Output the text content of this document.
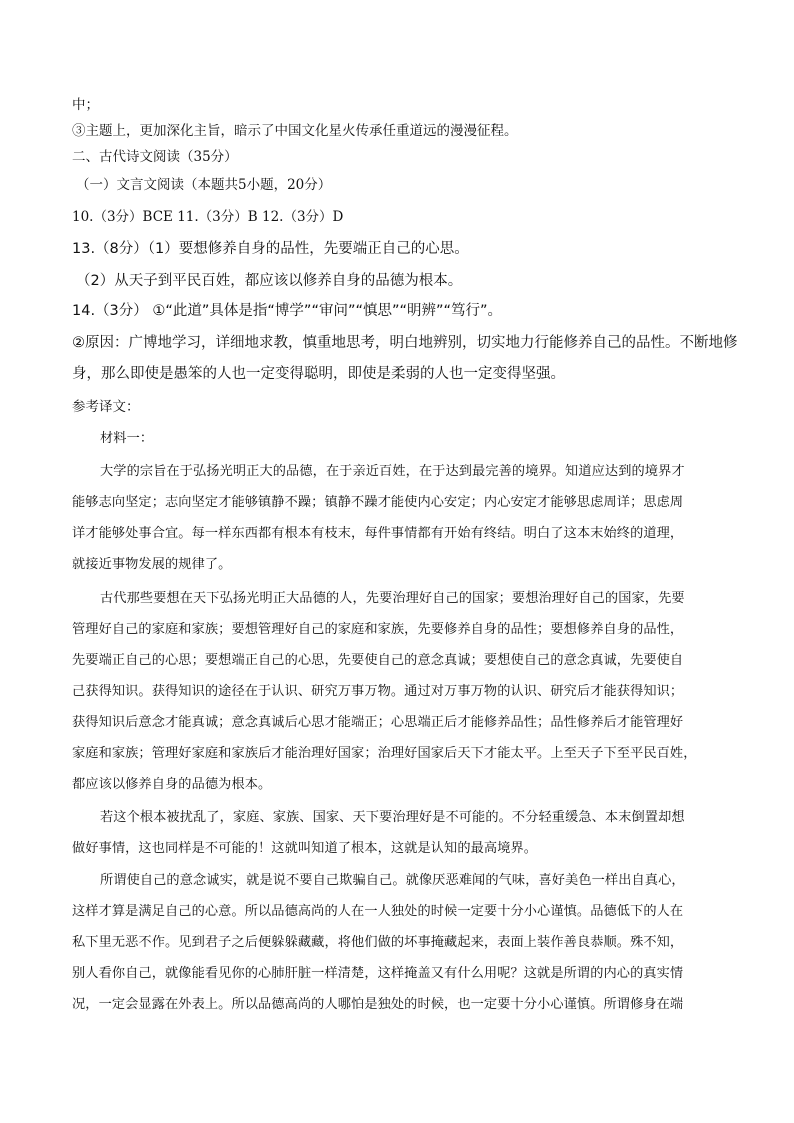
中；
③主题上，更加深化主旨，暗示了中国文化星火传承任重道远的漫漫征程。
二、古代诗文阅读（35分）
（一）文言文阅读（本题共5小题，20分）
10.（3分）BCE 11.（3分）B 12.（3分）D
13.（8分）（1）要想修养自身的品性，先要端正自己的心思。
（2）从天子到平民百姓，都应该以修养自身的品德为根本。
14.（3分） ①“此道”具体是指“博学”“审问”“慎思”“明辨”“笃行”。
②原因：广博地学习，详细地求教，慎重地思考，明白地辨别，切实地力行能修养自己的品性。不断地修
身，那么即使是愚笨的人也一定变得聪明，即使是柔弱的人也一定变得坚强。
参考译文：
材料一：
大学的宗旨在于弘扬光明正大的品德，在于亲近百姓，在于达到最完善的境界。知道应达到的境界才
能够志向坚定；志向坚定才能够镇静不躁；镇静不躁才能使内心安定；内心安定才能够思虑周详；思虑周
详才能够处事合宜。每一样东西都有根本有枝末，每件事情都有开始有终结。明白了这本末始终的道理，
就接近事物发展的规律了。
古代那些要想在天下弘扬光明正大品德的人，先要治理好自己的国家；要想治理好自己的国家，先要
管理好自己的家庭和家族；要想管理好自己的家庭和家族，先要修养自身的品性；要想修养自身的品性，
先要端正自己的心思；要想端正自己的心思，先要使自己的意念真诚；要想使自己的意念真诚，先要使自
己获得知识。获得知识的途径在于认识、研究万事万物。通过对万事万物的认识、研究后才能获得知识；
获得知识后意念才能真诚；意念真诚后心思才能端正；心思端正后才能修养品性；品性修养后才能管理好
家庭和家族；管理好家庭和家族后才能治理好国家；治理好国家后天下才能太平。上至天子下至平民百姓，
都应该以修养自身的品德为根本。
若这个根本被扰乱了，家庭、家族、国家、天下要治理好是不可能的。不分轻重缓急、本末倒置却想
做好事情，这也同样是不可能的！这就叫知道了根本，这就是认知的最高境界。
所谓使自己的意念诚实，就是说不要自己欺骗自己。就像厌恶难闻的气味，喜好美色一样出自真心，
这样才算是满足自己的心意。所以品德高尚的人在一人独处的时候一定要十分小心谨慎。品德低下的人在
私下里无恶不作。见到君子之后便躲躲藏藏，将他们做的坏事掩藏起来，表面上装作善良恭顺。殊不知，
别人看你自己，就像能看见你的心肺肝脏一样清楚，这样掩盖又有什么用呢？这就是所谓的内心的真实情
况，一定会显露在外表上。所以品德高尚的人哪怕是独处的时候，也一定要十分小心谨慎。所谓修身在端
